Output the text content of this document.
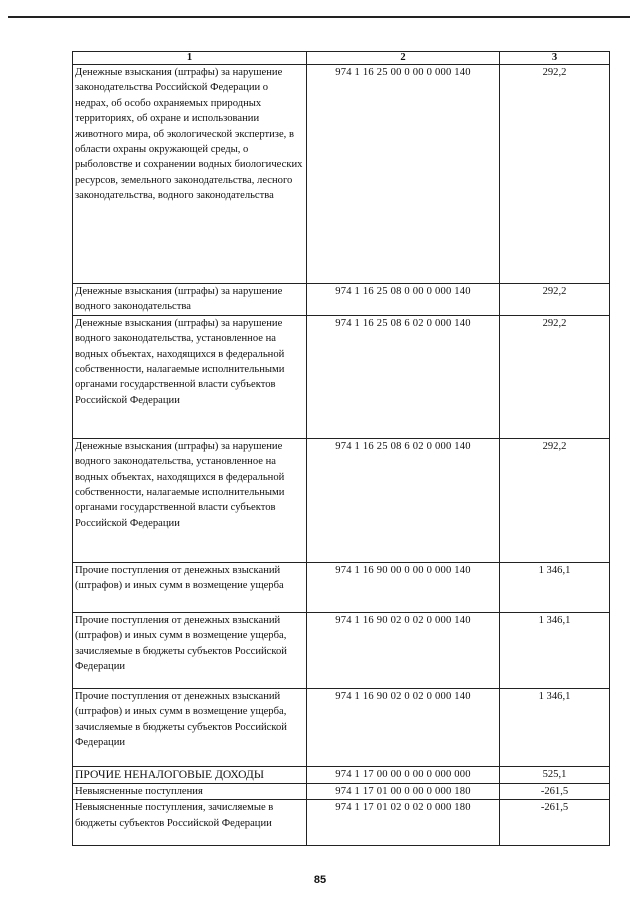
1	2	3
Денежные взыскания (штрафы) за нарушение законодательства Российской Федерации о недрах, об особо охраняемых природных территориях, об охране и использовании животного мира, об экологической экспертизе, в области охраны окружающей среды, о рыболовстве и сохранении водных биологических ресурсов, земельного законодательства, лесного законодательства, водного законодательства	974 1 16 25 00 0 00 0 000 140	292,2
Денежные взыскания (штрафы) за нарушение водного законодательства	974 1 16 25 08 0 00 0 000 140	292,2
Денежные взыскания (штрафы) за нарушение водного законодательства, установленное на водных объектах, находящихся в федеральной собственности, налагаемые исполнительными органами государственной власти субъектов Российской Федерации	974 1 16 25 08 6 02 0 000 140	292,2
Денежные взыскания (штрафы) за нарушение водного законодательства, установленное на водных объектах, находящихся в федеральной собственности, налагаемые исполнительными органами государственной власти субъектов Российской Федерации	974 1 16 25 08 6 02 0 000 140	292,2
Прочие поступления от денежных взысканий (штрафов) и иных сумм в возмещение ущерба	974 1 16 90 00 0 00 0 000 140	1 346,1
Прочие поступления от денежных взысканий (штрафов) и иных сумм в возмещение ущерба, зачисляемые в бюджеты субъектов Российской Федерации	974 1 16 90 02 0 02 0 000 140	1 346,1
Прочие поступления от денежных взысканий (штрафов) и иных сумм в возмещение ущерба, зачисляемые в бюджеты субъектов Российской Федерации	974 1 16 90 02 0 02 0 000 140	1 346,1
ПРОЧИЕ НЕНАЛОГОВЫЕ ДОХОДЫ	974 1 17 00 00 0 00 0 000 000	525,1
Невыясненные поступления	974 1 17 01 00 0 00 0 000 180	-261,5
Невыясненные поступления, зачисляемые в бюджеты субъектов Российской Федерации	974 1 17 01 02 0 02 0 000 180	-261,5
85
